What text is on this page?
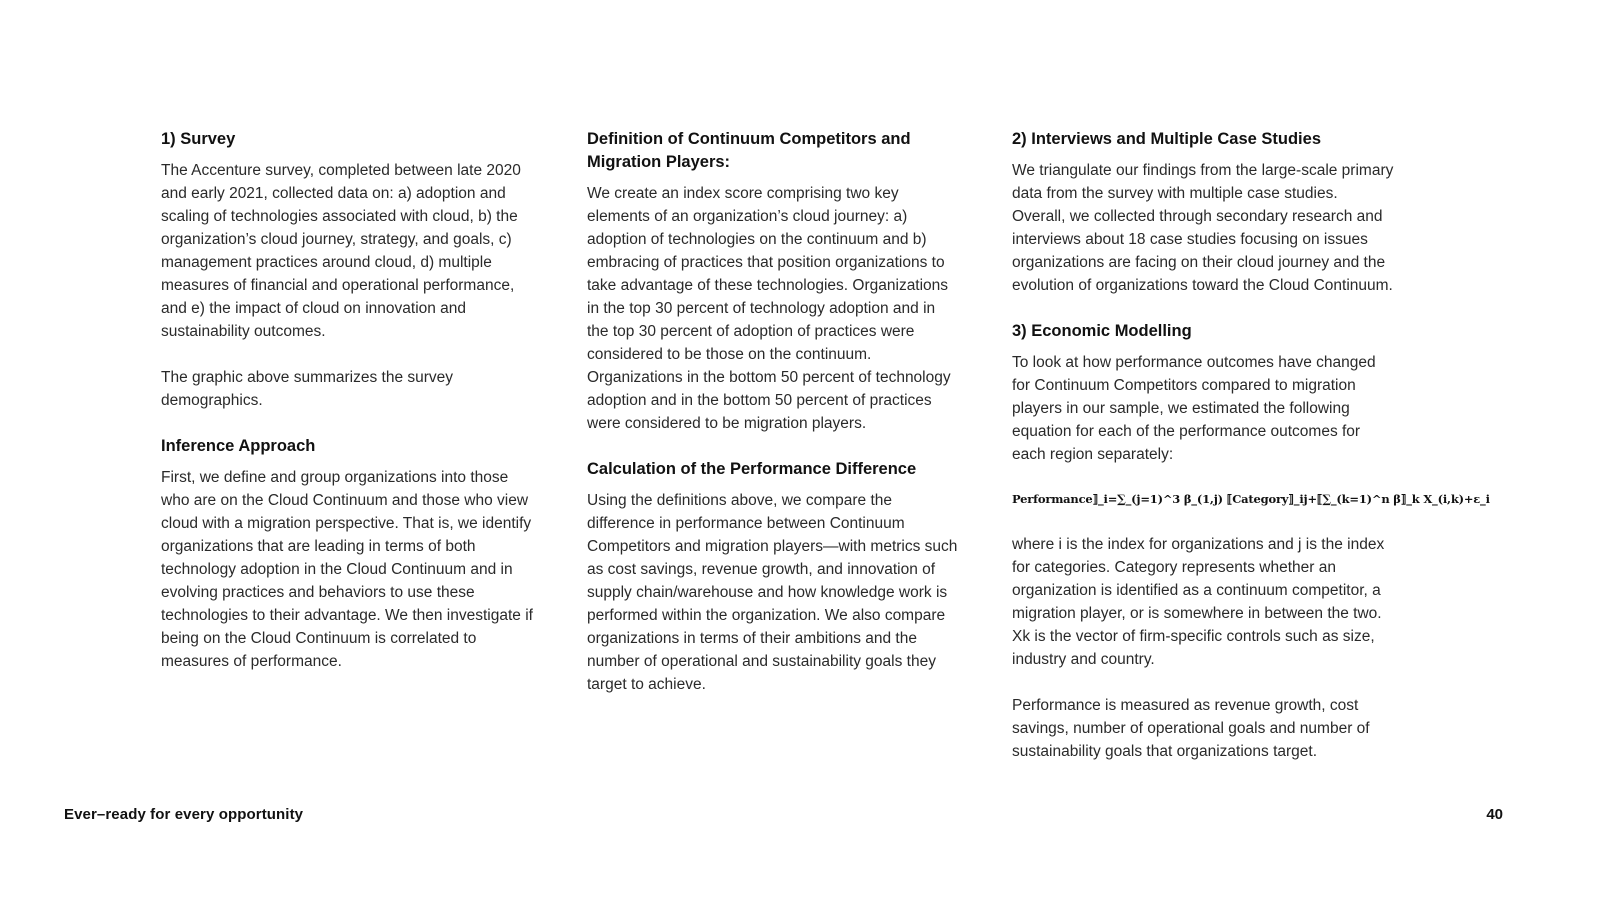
1) Survey

The Accenture survey, completed between late 2020 and early 2021, collected data on: a) adoption and scaling of technologies associated with cloud, b) the organization’s cloud journey, strategy, and goals, c) management practices around cloud, d) multiple measures of financial and operational performance, and e) the impact of cloud on innovation and sustainability outcomes.

The graphic above summarizes the survey demographics.

Inference Approach

First, we define and group organizations into those who are on the Cloud Continuum and those who view cloud with a migration perspective. That is, we identify organizations that are leading in terms of both technology adoption in the Cloud Continuum and in evolving practices and behaviors to use these technologies to their advantage. We then investigate if being on the Cloud Continuum is correlated to measures of performance.

Definition of Continuum Competitors and Migration Players:

We create an index score comprising two key elements of an organization’s cloud journey: a) adoption of technologies on the continuum and b) embracing of practices that position organizations to take advantage of these technologies. Organizations in the top 30 percent of technology adoption and in the top 30 percent of adoption of practices were considered to be those on the continuum. Organizations in the bottom 50 percent of technology adoption and in the bottom 50 percent of practices were considered to be migration players.

Calculation of the Performance Difference

Using the definitions above, we compare the difference in performance between Continuum Competitors and migration players—with metrics such as cost savings, revenue growth, and innovation of supply chain/warehouse and how knowledge work is performed within the organization. We also compare organizations in terms of their ambitions and the number of operational and sustainability goals they target to achieve.

2) Interviews and Multiple Case Studies

We triangulate our findings from the large-scale primary data from the survey with multiple case studies. Overall, we collected through secondary research and interviews about 18 case studies focusing on issues organizations are facing on their cloud journey and the evolution of organizations toward the Cloud Continuum.

3) Economic Modelling

To look at how performance outcomes have changed for Continuum Competitors compared to migration players in our sample, we estimated the following equation for each of the performance outcomes for each region separately:

Performance⟧_i=∑_(j=1)^3 β_(1,j) ⟦Category⟧_ij+⟦∑_(k=1)^n β⟧_k X_(i,k)+ε_i

where i is the index for organizations and j is the index for categories. Category represents whether an organization is identified as a continuum competitor, a migration player, or is somewhere in between the two. Xk is the vector of firm-specific controls such as size, industry and country.

Performance is measured as revenue growth, cost savings, number of operational goals and number of sustainability goals that organizations target.

Ever–ready for every opportunity	40
